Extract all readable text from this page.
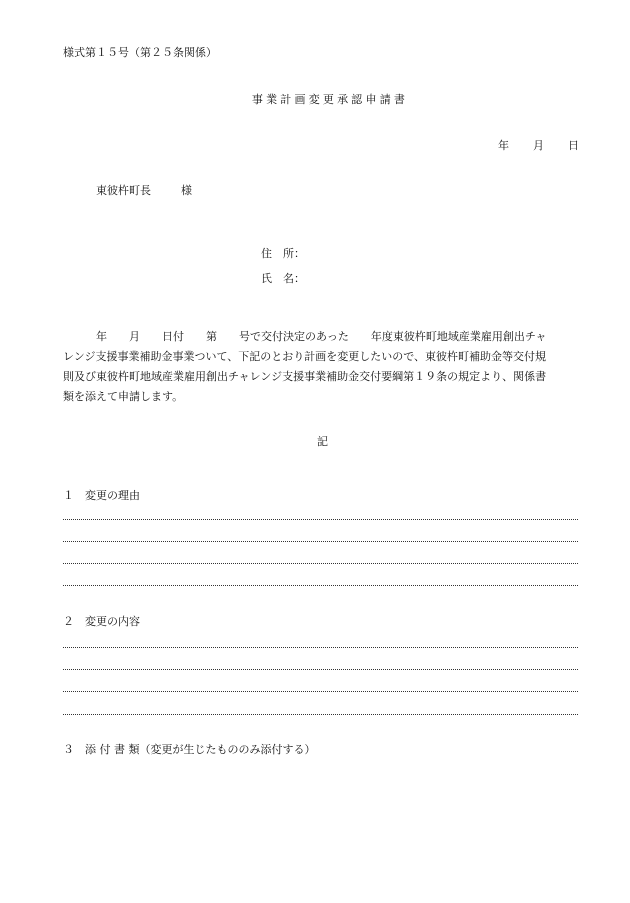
様式第１５号（第２５条関係）
事業計画変更承認申請書
年 月 日
東彼杵町長	様
住　所：
氏　名：
　　　年　　月　　日付　　第　　号で交付決定のあった　　年度東彼杵町地域産業雇用創出チャ
レンジ支援事業補助金事業ついて、下記のとおり計画を変更したいので、東彼杵町補助金等交付規
則及び東彼杵町地域産業雇用創出チャレンジ支援事業補助金交付要綱第１９条の規定より、関係書
類を添えて申請します。
記
１　変更の理由
２　変更の内容
３　添 付 書 類（変更が生じたもののみ添付する）
